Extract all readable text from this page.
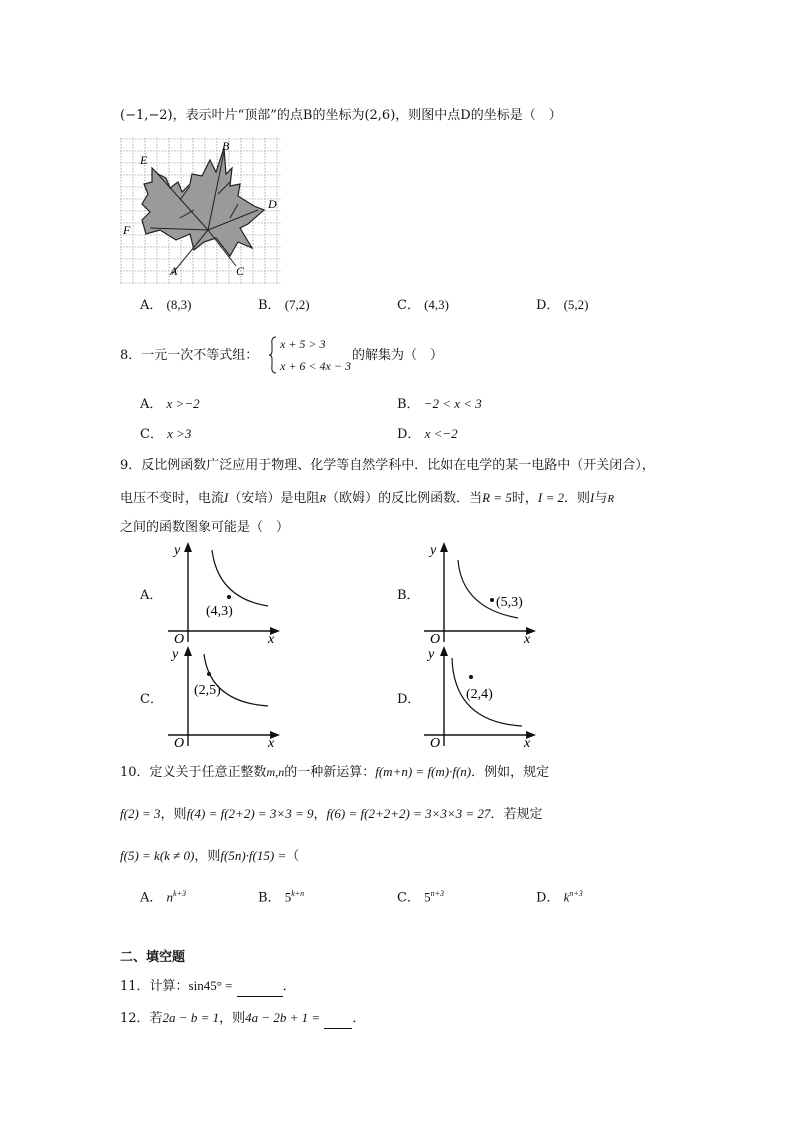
(−1,−2)，表示叶片“顶部”的点B的坐标为(2,6)，则图中点D的坐标是（　）
E
B
D
F
A	C
A． (8,3)	B． (7,2)	C． (4,3)	D． (5,2)
8．一元一次不等式组：
x + 5 > 3
x + 6 < 4x − 3
的解集为（　）
A． x >−2	B． −2 < x < 3
C． x >3	D． x <−2
9．反比例函数广泛应用于物理、化学等自然学科中．比如在电学的某一电路中（开关闭合），
电压不变时，电流I（安培）是电阻R（欧姆）的反比例函数．当R = 5时，I = 2．则I与R
之间的函数图象可能是（　）
A．
y
x
O
(4,3)
B．
y
x
O
(5,3)
C．
y
x
O
(2,5)
D．
y
x
O
(2,4)
10．定义关于任意正整数m,n的一种新运算：f(m+n) = f(m)·f(n)．例如，规定
f(2) = 3，则f(4) = f(2+2) = 3×3 = 9，f(6) = f(2+2+2) = 3×3×3 = 27．若规定
f(5) = k(k ≠ 0)，则f(5n)·f(15) =（
A． $n^{k+3}$	B． $5^{k+n}$	C． $5^{n+3}$	D． $k^{n+3}$
二、填空题
11．计算：sin45° =	．
12．若2a − b = 1，则4a − 2b + 1 = ．
